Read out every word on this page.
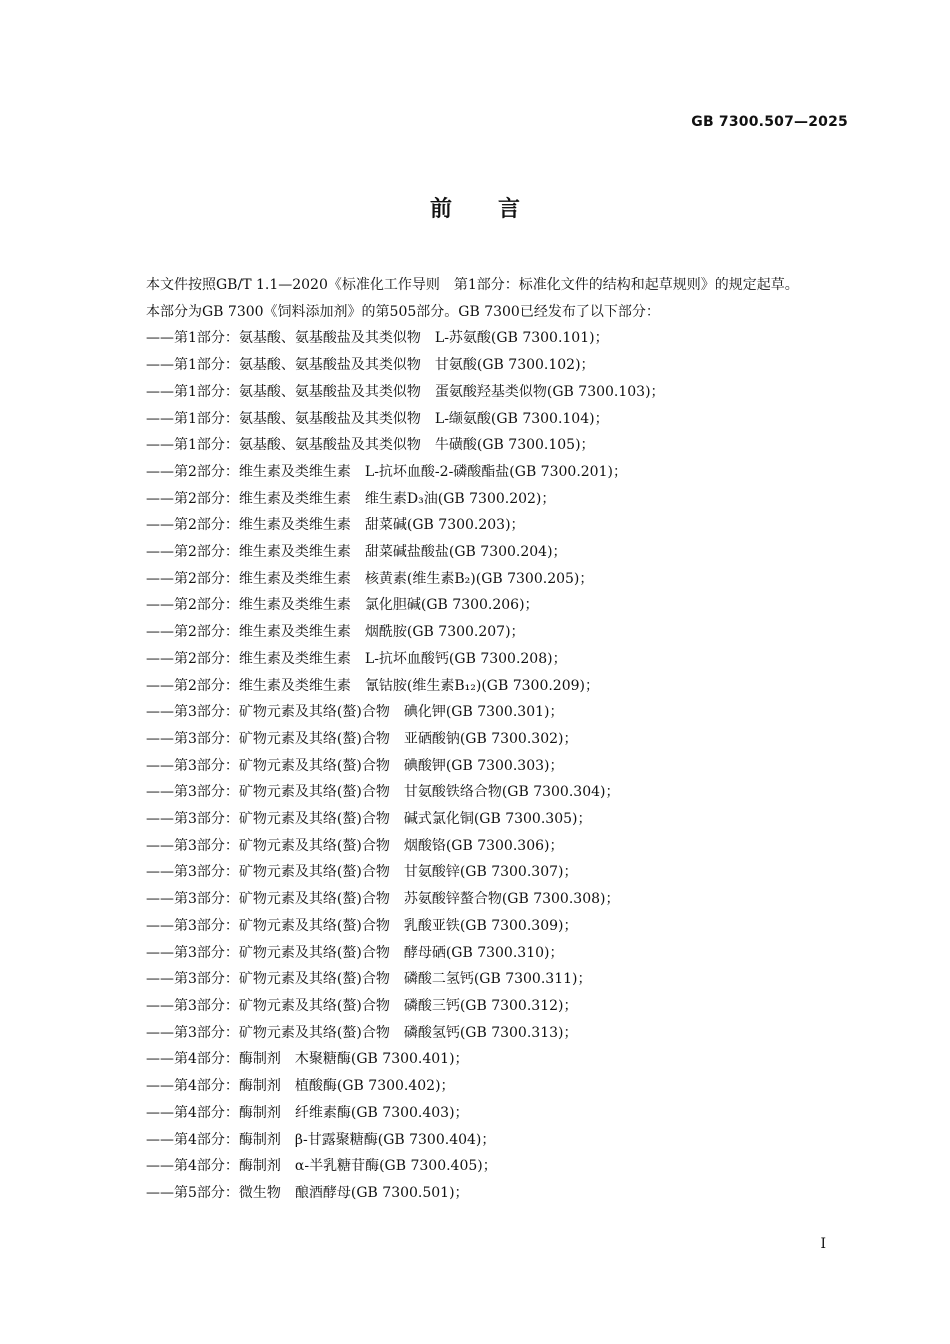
GB 7300.507—2025
前言

本文件按照GB/T 1.1—2020《标准化工作导则　第1部分：标准化文件的结构和起草规则》的规定起草。

本部分为GB 7300《饲料添加剂》的第505部分。GB 7300已经发布了以下部分：

——第1部分：氨基酸、氨基酸盐及其类似物　L-苏氨酸(GB 7300.101)；

——第1部分：氨基酸、氨基酸盐及其类似物　甘氨酸(GB 7300.102)；

——第1部分：氨基酸、氨基酸盐及其类似物　蛋氨酸羟基类似物(GB 7300.103)；

——第1部分：氨基酸、氨基酸盐及其类似物　L-缬氨酸(GB 7300.104)；

——第1部分：氨基酸、氨基酸盐及其类似物　牛磺酸(GB 7300.105)；

——第2部分：维生素及类维生素　L-抗坏血酸-2-磷酸酯盐(GB 7300.201)；

——第2部分：维生素及类维生素　维生素D₃油(GB 7300.202)；

——第2部分：维生素及类维生素　甜菜碱(GB 7300.203)；

——第2部分：维生素及类维生素　甜菜碱盐酸盐(GB 7300.204)；

——第2部分：维生素及类维生素　核黄素(维生素B₂)(GB 7300.205)；

——第2部分：维生素及类维生素　氯化胆碱(GB 7300.206)；

——第2部分：维生素及类维生素　烟酰胺(GB 7300.207)；

——第2部分：维生素及类维生素　L-抗坏血酸钙(GB 7300.208)；

——第2部分：维生素及类维生素　氰钴胺(维生素B₁₂)(GB 7300.209)；

——第3部分：矿物元素及其络(螯)合物　碘化钾(GB 7300.301)；

——第3部分：矿物元素及其络(螯)合物　亚硒酸钠(GB 7300.302)；

——第3部分：矿物元素及其络(螯)合物　碘酸钾(GB 7300.303)；

——第3部分：矿物元素及其络(螯)合物　甘氨酸铁络合物(GB 7300.304)；

——第3部分：矿物元素及其络(螯)合物　碱式氯化铜(GB 7300.305)；

——第3部分：矿物元素及其络(螯)合物　烟酸铬(GB 7300.306)；

——第3部分：矿物元素及其络(螯)合物　甘氨酸锌(GB 7300.307)；

——第3部分：矿物元素及其络(螯)合物　苏氨酸锌螯合物(GB 7300.308)；

——第3部分：矿物元素及其络(螯)合物　乳酸亚铁(GB 7300.309)；

——第3部分：矿物元素及其络(螯)合物　酵母硒(GB 7300.310)；

——第3部分：矿物元素及其络(螯)合物　磷酸二氢钙(GB 7300.311)；

——第3部分：矿物元素及其络(螯)合物　磷酸三钙(GB 7300.312)；

——第3部分：矿物元素及其络(螯)合物　磷酸氢钙(GB 7300.313)；

——第4部分：酶制剂　木聚糖酶(GB 7300.401)；

——第4部分：酶制剂　植酸酶(GB 7300.402)；

——第4部分：酶制剂　纤维素酶(GB 7300.403)；

——第4部分：酶制剂　β-甘露聚糖酶(GB 7300.404)；

——第4部分：酶制剂　α-半乳糖苷酶(GB 7300.405)；

——第5部分：微生物　酿酒酵母(GB 7300.501)；

I
